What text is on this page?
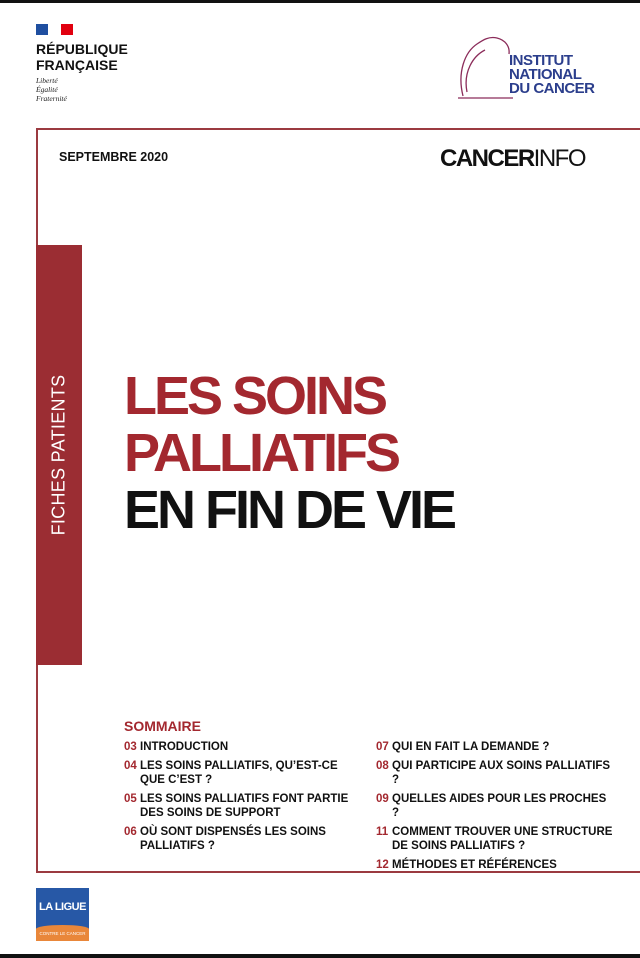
RÉPUBLIQUE
FRANÇAISE
Liberté
Égalité
Fraternité
INSTITUT
NATIONAL
DU CANCER
SEPTEMBRE 2020	CANCERINFO
FICHES PATIENTS LES SOINS
PALLIATIFS
EN FIN DE VIE
SOMMAIRE
03 INTRODUCTION
04 LES SOINS PALLIATIFS, QU’EST-CE QUE C’EST ?
05 LES SOINS PALLIATIFS FONT PARTIE DES SOINS DE SUPPORT
06 OÙ SONT DISPENSÉS LES SOINS PALLIATIFS ?
07 QUI EN FAIT LA DEMANDE ?
08 QUI PARTICIPE AUX SOINS PALLIATIFS ?
09 QUELLES AIDES POUR LES PROCHES ?
11 COMMENT TROUVER UNE STRUCTURE DE SOINS PALLIATIFS ?
12 MÉTHODES ET RÉFÉRENCES
LA LIGUE
CONTRE LE CANCER
